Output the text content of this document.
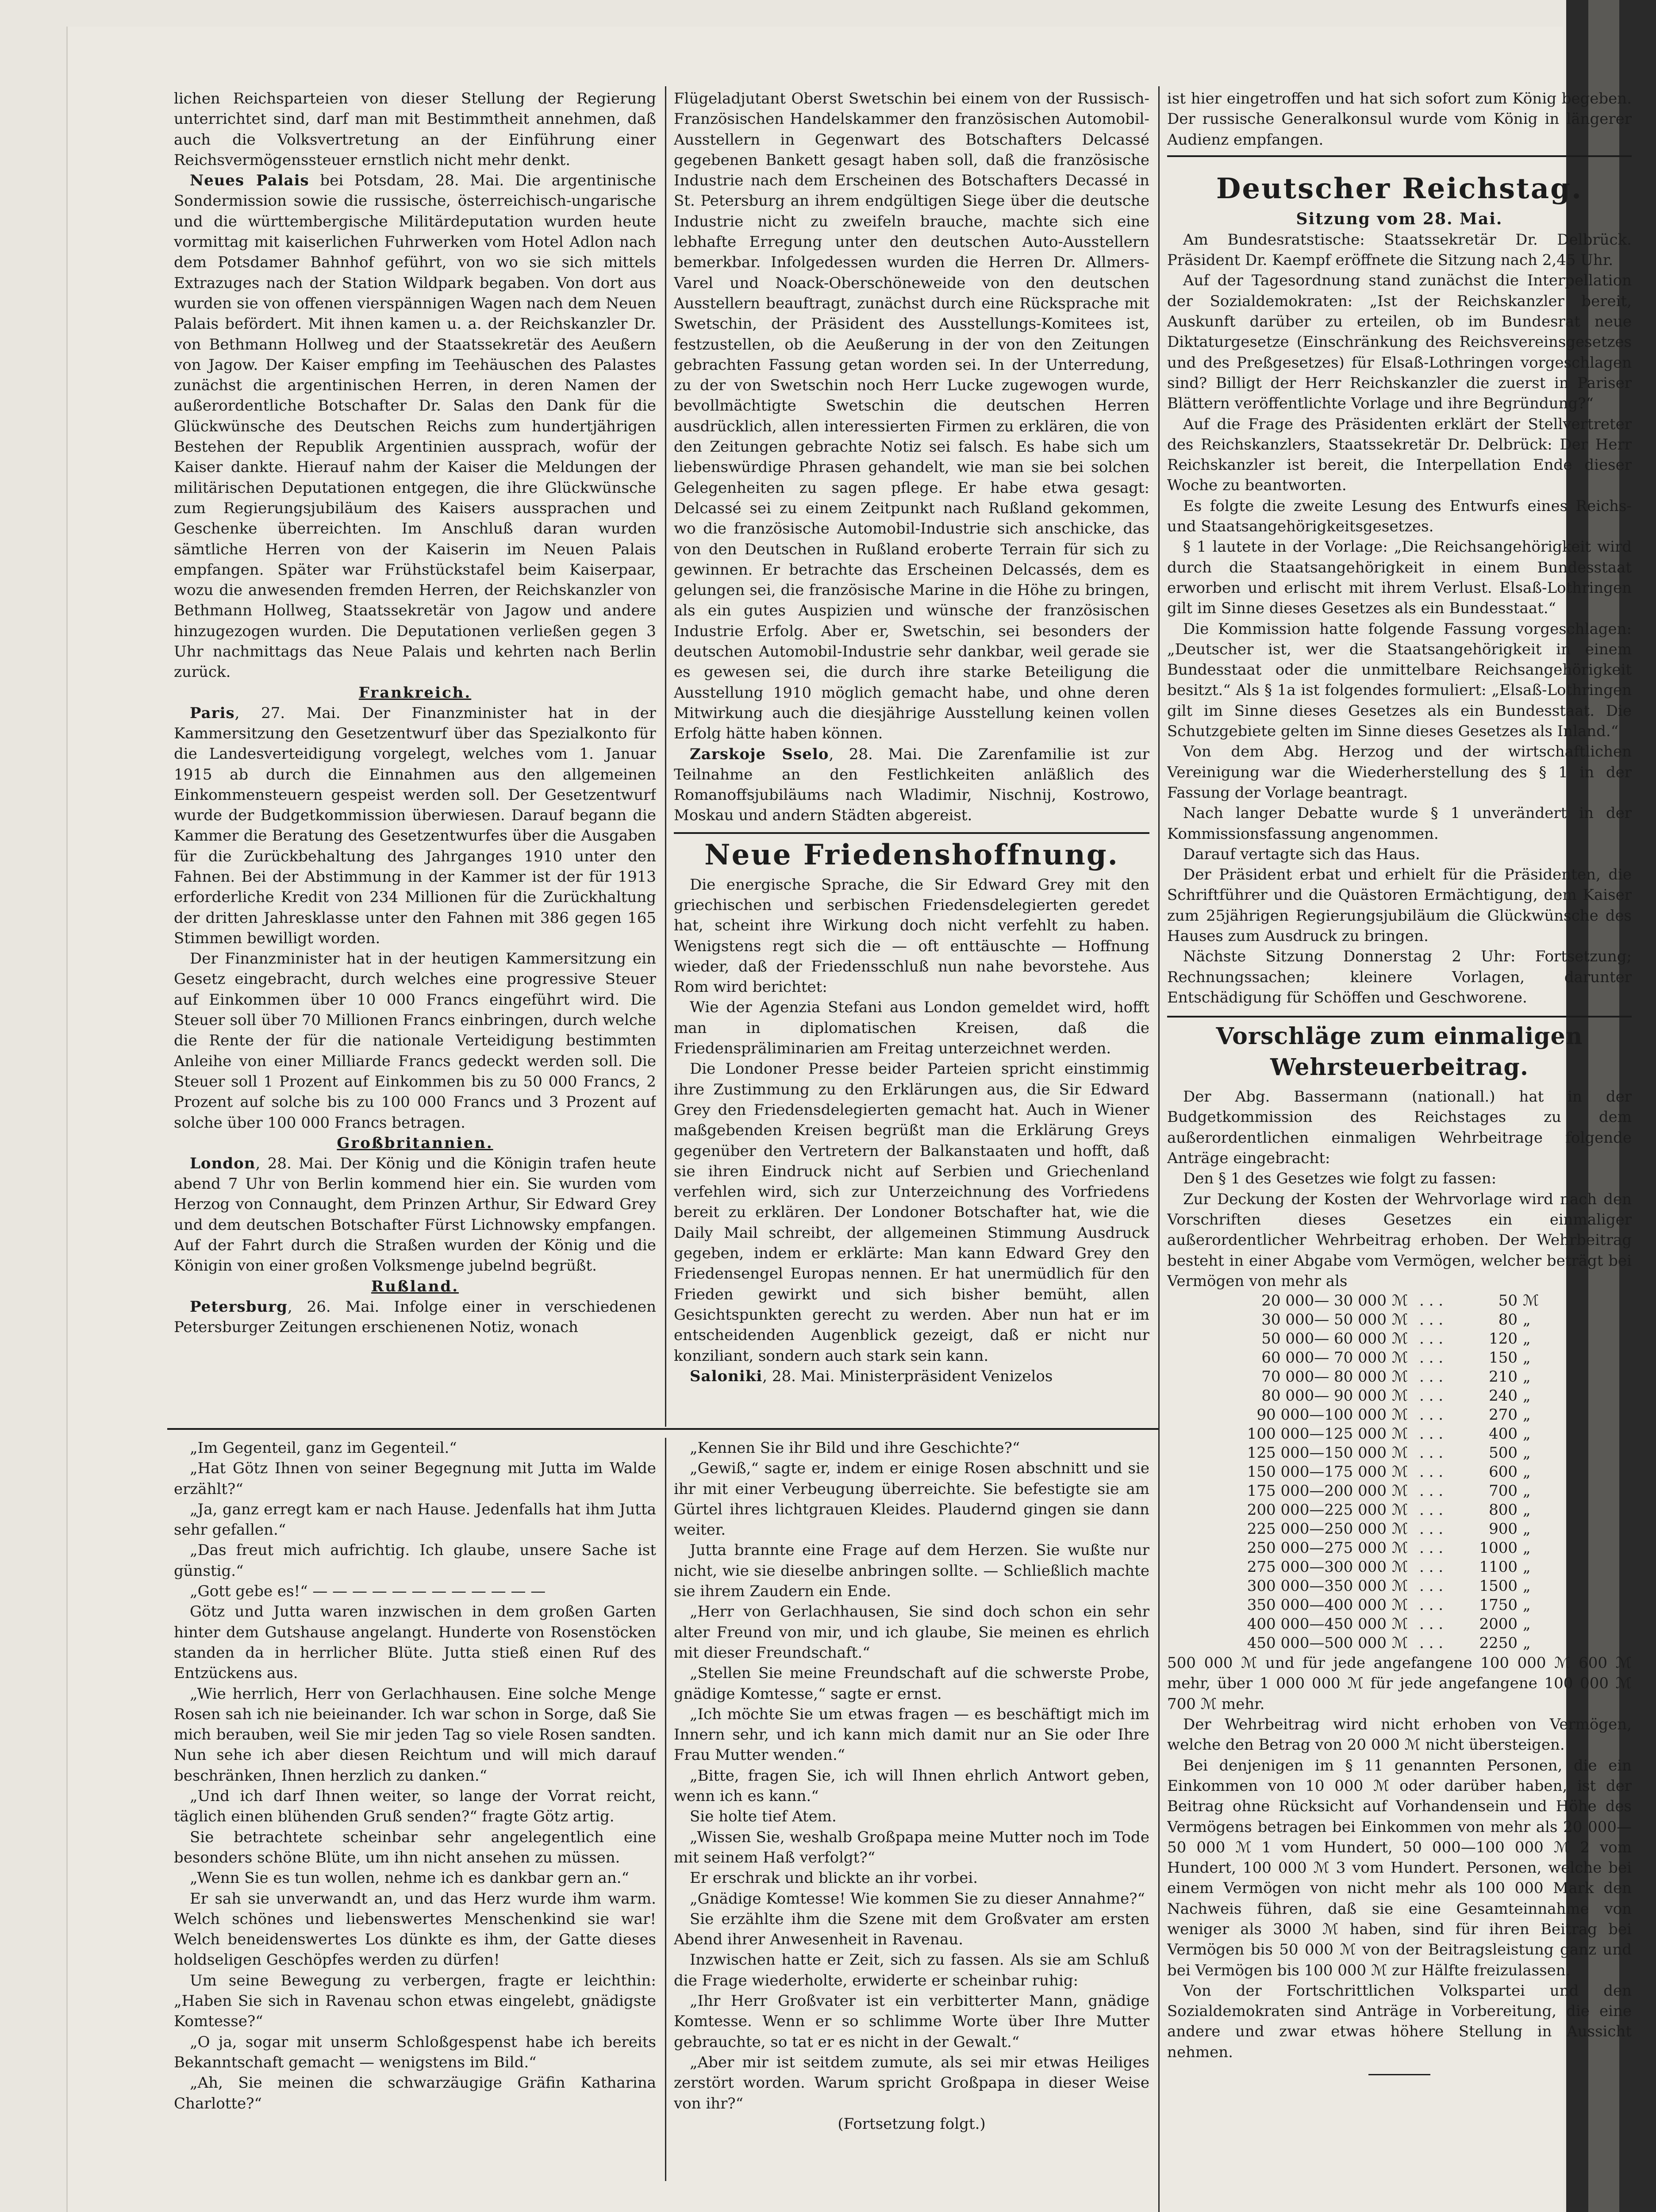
lichen Reichsparteien von dieser Stellung der Regierung unterrichtet sind, darf man mit Bestimmtheit annehmen, daß auch die Volksvertretung an der Einführung einer Reichsvermögenssteuer ernstlich nicht mehr denkt.

Neues Palais bei Potsdam, 28. Mai. Die argentinische Sondermission sowie die russische, österreichisch-ungarische und die württembergische Militärdeputation wurden heute vormittag mit kaiserlichen Fuhrwerken vom Hotel Adlon nach dem Potsdamer Bahnhof geführt, von wo sie sich mittels Extrazuges nach der Station Wildpark begaben. Von dort aus wurden sie von offenen vierspännigen Wagen nach dem Neuen Palais befördert. Mit ihnen kamen u. a. der Reichskanzler Dr. von Bethmann Hollweg und der Staatssekretär des Aeußern von Jagow. Der Kaiser empfing im Teehäuschen des Palastes zunächst die argentinischen Herren, in deren Namen der außerordentliche Botschafter Dr. Salas den Dank für die Glückwünsche des Deutschen Reichs zum hundertjährigen Bestehen der Republik Argentinien aussprach, wofür der Kaiser dankte. Hierauf nahm der Kaiser die Meldungen der militärischen Deputationen entgegen, die ihre Glückwünsche zum Regierungsjubiläum des Kaisers aussprachen und Geschenke überreichten. Im Anschluß daran wurden sämtliche Herren von der Kaiserin im Neuen Palais empfangen. Später war Frühstückstafel beim Kaiserpaar, wozu die anwesenden fremden Herren, der Reichskanzler von Bethmann Hollweg, Staatssekretär von Jagow und andere hinzugezogen wurden. Die Deputationen verließen gegen 3 Uhr nachmittags das Neue Palais und kehrten nach Berlin zurück.

Frankreich.

Paris, 27. Mai. Der Finanzminister hat in der Kammersitzung den Gesetzentwurf über das Spezialkonto für die Landesverteidigung vorgelegt, welches vom 1. Januar 1915 ab durch die Einnahmen aus den allgemeinen Einkommensteuern gespeist werden soll. Der Gesetzentwurf wurde der Budgetkommission überwiesen. Darauf begann die Kammer die Beratung des Gesetzentwurfes über die Ausgaben für die Zurückbehaltung des Jahrganges 1910 unter den Fahnen. Bei der Abstimmung in der Kammer ist der für 1913 erforderliche Kredit von 234 Millionen für die Zurückhaltung der dritten Jahresklasse unter den Fahnen mit 386 gegen 165 Stimmen bewilligt worden.

Der Finanzminister hat in der heutigen Kammersitzung ein Gesetz eingebracht, durch welches eine progressive Steuer auf Einkommen über 10 000 Francs eingeführt wird. Die Steuer soll über 70 Millionen Francs einbringen, durch welche die Rente der für die nationale Verteidigung bestimmten Anleihe von einer Milliarde Francs gedeckt werden soll. Die Steuer soll 1 Prozent auf Einkommen bis zu 50 000 Francs, 2 Prozent auf solche bis zu 100 000 Francs und 3 Prozent auf solche über 100 000 Francs betragen.

Großbritannien.

London, 28. Mai. Der König und die Königin trafen heute abend 7 Uhr von Berlin kommend hier ein. Sie wurden vom Herzog von Connaught, dem Prinzen Arthur, Sir Edward Grey und dem deutschen Botschafter Fürst Lichnowsky empfangen. Auf der Fahrt durch die Straßen wurden der König und die Königin von einer großen Volksmenge jubelnd begrüßt.

Rußland.

Petersburg, 26. Mai. Infolge einer in verschiedenen Petersburger Zeitungen erschienenen Notiz, wonach

Flügeladjutant Oberst Swetschin bei einem von der Russisch-Französischen Handelskammer den französischen Automobil-Ausstellern in Gegenwart des Botschafters Delcassé gegebenen Bankett gesagt haben soll, daß die französische Industrie nach dem Erscheinen des Botschafters Decassé in St. Petersburg an ihrem endgültigen Siege über die deutsche Industrie nicht zu zweifeln brauche, machte sich eine lebhafte Erregung unter den deutschen Auto-Ausstellern bemerkbar. Infolgedessen wurden die Herren Dr. Allmers-Varel und Noack-Oberschöneweide von den deutschen Ausstellern beauftragt, zunächst durch eine Rücksprache mit Swetschin, der Präsident des Ausstellungs-Komitees ist, festzustellen, ob die Aeußerung in der von den Zeitungen gebrachten Fassung getan worden sei. In der Unterredung, zu der von Swetschin noch Herr Lucke zugewogen wurde, bevollmächtigte Swetschin die deutschen Herren ausdrücklich, allen interessierten Firmen zu erklären, die von den Zeitungen gebrachte Notiz sei falsch. Es habe sich um liebenswürdige Phrasen gehandelt, wie man sie bei solchen Gelegenheiten zu sagen pflege. Er habe etwa gesagt: Delcassé sei zu einem Zeitpunkt nach Rußland gekommen, wo die französische Automobil-Industrie sich anschicke, das von den Deutschen in Rußland eroberte Terrain für sich zu gewinnen. Er betrachte das Erscheinen Delcassés, dem es gelungen sei, die französische Marine in die Höhe zu bringen, als ein gutes Auspizien und wünsche der französischen Industrie Erfolg. Aber er, Swetschin, sei besonders der deutschen Automobil-Industrie sehr dankbar, weil gerade sie es gewesen sei, die durch ihre starke Beteiligung die Ausstellung 1910 möglich gemacht habe, und ohne deren Mitwirkung auch die diesjährige Ausstellung keinen vollen Erfolg hätte haben können.

Zarskoje Sselo, 28. Mai. Die Zarenfamilie ist zur Teilnahme an den Festlichkeiten anläßlich des Romanoffsjubiläums nach Wladimir, Nischnij, Kostrowo, Moskau und andern Städten abgereist.

Neue Friedenshoffnung.

Die energische Sprache, die Sir Edward Grey mit den griechischen und serbischen Friedensdelegierten geredet hat, scheint ihre Wirkung doch nicht verfehlt zu haben. Wenigstens regt sich die — oft enttäuschte — Hoffnung wieder, daß der Friedensschluß nun nahe bevorstehe. Aus Rom wird berichtet:

Wie der Agenzia Stefani aus London gemeldet wird, hofft man in diplomatischen Kreisen, daß die Friedenspräliminarien am Freitag unterzeichnet werden.

Die Londoner Presse beider Parteien spricht einstimmig ihre Zustimmung zu den Erklärungen aus, die Sir Edward Grey den Friedensdelegierten gemacht hat. Auch in Wiener maßgebenden Kreisen begrüßt man die Erklärung Greys gegenüber den Vertretern der Balkanstaaten und hofft, daß sie ihren Eindruck nicht auf Serbien und Griechenland verfehlen wird, sich zur Unterzeichnung des Vorfriedens bereit zu erklären. Der Londoner Botschafter hat, wie die Daily Mail schreibt, der allgemeinen Stimmung Ausdruck gegeben, indem er erklärte: Man kann Edward Grey den Friedensengel Europas nennen. Er hat unermüdlich für den Frieden gewirkt und sich bisher bemüht, allen Gesichtspunkten gerecht zu werden. Aber nun hat er im entscheidenden Augenblick gezeigt, daß er nicht nur konziliant, sondern auch stark sein kann.

Saloniki, 28. Mai. Ministerpräsident Venizelos

ist hier eingetroffen und hat sich sofort zum König begeben. Der russische Generalkonsul wurde vom König in längerer Audienz empfangen.

Deutscher Reichstag.

Sitzung vom 28. Mai.

Am Bundesratstische: Staatssekretär Dr. Delbrück. Präsident Dr. Kaempf eröffnete die Sitzung nach 2,45 Uhr.

Auf der Tagesordnung stand zunächst die Interpellation der Sozialdemokraten: „Ist der Reichskanzler bereit, Auskunft darüber zu erteilen, ob im Bundesrat neue Diktaturgesetze (Einschränkung des Reichsvereinsgesetzes und des Preßgesetzes) für Elsaß-Lothringen vorgeschlagen sind? Billigt der Herr Reichskanzler die zuerst in Pariser Blättern veröffentlichte Vorlage und ihre Begründung?“

Auf die Frage des Präsidenten erklärt der Stellvertreter des Reichskanzlers, Staatssekretär Dr. Delbrück: Der Herr Reichskanzler ist bereit, die Interpellation Ende dieser Woche zu beantworten.

Es folgte die zweite Lesung des Entwurfs eines Reichs- und Staatsangehörigkeitsgesetzes.

§ 1 lautete in der Vorlage: „Die Reichsangehörigkeit wird durch die Staatsangehörigkeit in einem Bundesstaat erworben und erlischt mit ihrem Verlust. Elsaß-Lothringen gilt im Sinne dieses Gesetzes als ein Bundesstaat.“

Die Kommission hatte folgende Fassung vorgeschlagen: „Deutscher ist, wer die Staatsangehörigkeit in einem Bundesstaat oder die unmittelbare Reichsangehörigkeit besitzt.“ Als § 1a ist folgendes formuliert: „Elsaß-Lothringen gilt im Sinne dieses Gesetzes als ein Bundesstaat. Die Schutzgebiete gelten im Sinne dieses Gesetzes als Inland.“

Von dem Abg. Herzog und der wirtschaftlichen Vereinigung war die Wiederherstellung des § 1 in der Fassung der Vorlage beantragt.

Nach langer Debatte wurde § 1 unverändert in der Kommissionsfassung angenommen.

Darauf vertagte sich das Haus.

Der Präsident erbat und erhielt für die Präsidenten, die Schriftführer und die Quästoren Ermächtigung, dem Kaiser zum 25jährigen Regierungsjubiläum die Glückwünsche des Hauses zum Ausdruck zu bringen.

Nächste Sitzung Donnerstag 2 Uhr: Fortsetzung; Rechnungssachen; kleinere Vorlagen, darunter Entschädigung für Schöffen und Geschworene.

Vorschläge zum einmaligen Wehrsteuerbeitrag.

Der Abg. Bassermann (nationall.) hat in der Budgetkommission des Reichstages zu dem außerordentlichen einmaligen Wehrbeitrage folgende Anträge eingebracht:

Den § 1 des Gesetzes wie folgt zu fassen:

Zur Deckung der Kosten der Wehrvorlage wird nach den Vorschriften dieses Gesetzes ein einmaliger außerordentlicher Wehrbeitrag erhoben. Der Wehrbeitrag besteht in einer Abgabe vom Vermögen, welcher beträgt bei Vermögen von mehr als

20 000— 30 000	ℳ	. . .	50	ℳ
30 000— 50 000	ℳ	. . .	80	„
50 000— 60 000	ℳ	. . .	120	„
60 000— 70 000	ℳ	. . .	150	„
70 000— 80 000	ℳ	. . .	210	„
80 000— 90 000	ℳ	. . .	240	„
90 000—100 000	ℳ	. . .	270	„
100 000—125 000	ℳ	. . .	400	„
125 000—150 000	ℳ	. . .	500	„
150 000—175 000	ℳ	. . .	600	„
175 000—200 000	ℳ	. . .	700	„
200 000—225 000	ℳ	. . .	800	„
225 000—250 000	ℳ	. . .	900	„
250 000—275 000	ℳ	. . .	1000	„
275 000—300 000	ℳ	. . .	1100	„
300 000—350 000	ℳ	. . .	1500	„
350 000—400 000	ℳ	. . .	1750	„
400 000—450 000	ℳ	. . .	2000	„
450 000—500 000	ℳ	. . .	2250	„

500 000 ℳ und für jede angefangene 100 000 ℳ 600 ℳ mehr, über 1 000 000 ℳ für jede angefangene 100 000 ℳ 700 ℳ mehr.

Der Wehrbeitrag wird nicht erhoben von Vermögen, welche den Betrag von 20 000 ℳ nicht übersteigen.

Bei denjenigen im § 11 genannten Personen, die ein Einkommen von 10 000 ℳ oder darüber haben, ist der Beitrag ohne Rücksicht auf Vorhandensein und Höhe des Vermögens betragen bei Einkommen von mehr als 20 000—50 000 ℳ 1 vom Hundert, 50 000—100 000 ℳ 2 vom Hundert, 100 000 ℳ 3 vom Hundert. Personen, welche bei einem Vermögen von nicht mehr als 100 000 Mark den Nachweis führen, daß sie eine Gesamteinnahme von weniger als 3000 ℳ haben, sind für ihren Beitrag bei Vermögen bis 50 000 ℳ von der Beitragsleistung ganz und bei Vermögen bis 100 000 ℳ zur Hälfte freizulassen.

Von der Fortschrittlichen Volkspartei und den Sozialdemokraten sind Anträge in Vorbereitung, die eine andere und zwar etwas höhere Stellung in Aussicht nehmen.

„Im Gegenteil, ganz im Gegenteil.“

„Hat Götz Ihnen von seiner Begegnung mit Jutta im Walde erzählt?“

„Ja, ganz erregt kam er nach Hause. Jedenfalls hat ihm Jutta sehr gefallen.“

„Das freut mich aufrichtig. Ich glaube, unsere Sache ist günstig.“

„Gott gebe es!“ — — — — — — — — — — — —

Götz und Jutta waren inzwischen in dem großen Garten hinter dem Gutshause angelangt. Hunderte von Rosenstöcken standen da in herrlicher Blüte. Jutta stieß einen Ruf des Entzückens aus.

„Wie herrlich, Herr von Gerlachhausen. Eine solche Menge Rosen sah ich nie beieinander. Ich war schon in Sorge, daß Sie mich berauben, weil Sie mir jeden Tag so viele Rosen sandten. Nun sehe ich aber diesen Reichtum und will mich darauf beschränken, Ihnen herzlich zu danken.“

„Und ich darf Ihnen weiter, so lange der Vorrat reicht, täglich einen blühenden Gruß senden?“ fragte Götz artig.

Sie betrachtete scheinbar sehr angelegentlich eine besonders schöne Blüte, um ihn nicht ansehen zu müssen.

„Wenn Sie es tun wollen, nehme ich es dankbar gern an.“

Er sah sie unverwandt an, und das Herz wurde ihm warm. Welch schönes und liebenswertes Menschenkind sie war! Welch beneidenswertes Los dünkte es ihm, der Gatte dieses holdseligen Geschöpfes werden zu dürfen!

Um seine Bewegung zu verbergen, fragte er leichthin: „Haben Sie sich in Ravenau schon etwas eingelebt, gnädigste Komtesse?“

„O ja, sogar mit unserm Schloßgespenst habe ich bereits Bekanntschaft gemacht — wenigstens im Bild.“

„Ah, Sie meinen die schwarzäugige Gräfin Katharina Charlotte?“

„Kennen Sie ihr Bild und ihre Geschichte?“

„Gewiß,“ sagte er, indem er einige Rosen abschnitt und sie ihr mit einer Verbeugung überreichte. Sie befestigte sie am Gürtel ihres lichtgrauen Kleides. Plaudernd gingen sie dann weiter.

Jutta brannte eine Frage auf dem Herzen. Sie wußte nur nicht, wie sie dieselbe anbringen sollte. — Schließlich machte sie ihrem Zaudern ein Ende.

„Herr von Gerlachhausen, Sie sind doch schon ein sehr alter Freund von mir, und ich glaube, Sie meinen es ehrlich mit dieser Freundschaft.“

„Stellen Sie meine Freundschaft auf die schwerste Probe, gnädige Komtesse,“ sagte er ernst.

„Ich möchte Sie um etwas fragen — es beschäftigt mich im Innern sehr, und ich kann mich damit nur an Sie oder Ihre Frau Mutter wenden.“

„Bitte, fragen Sie, ich will Ihnen ehrlich Antwort geben, wenn ich es kann.“

Sie holte tief Atem.

„Wissen Sie, weshalb Großpapa meine Mutter noch im Tode mit seinem Haß verfolgt?“

Er erschrak und blickte an ihr vorbei.

„Gnädige Komtesse! Wie kommen Sie zu dieser Annahme?“

Sie erzählte ihm die Szene mit dem Großvater am ersten Abend ihrer Anwesenheit in Ravenau.

Inzwischen hatte er Zeit, sich zu fassen. Als sie am Schluß die Frage wiederholte, erwiderte er scheinbar ruhig:

„Ihr Herr Großvater ist ein verbitterter Mann, gnädige Komtesse. Wenn er so schlimme Worte über Ihre Mutter gebrauchte, so tat er es nicht in der Gewalt.“

„Aber mir ist seitdem zumute, als sei mir etwas Heiliges zerstört worden. Warum spricht Großpapa in dieser Weise von ihr?“

(Fortsetzung folgt.)
